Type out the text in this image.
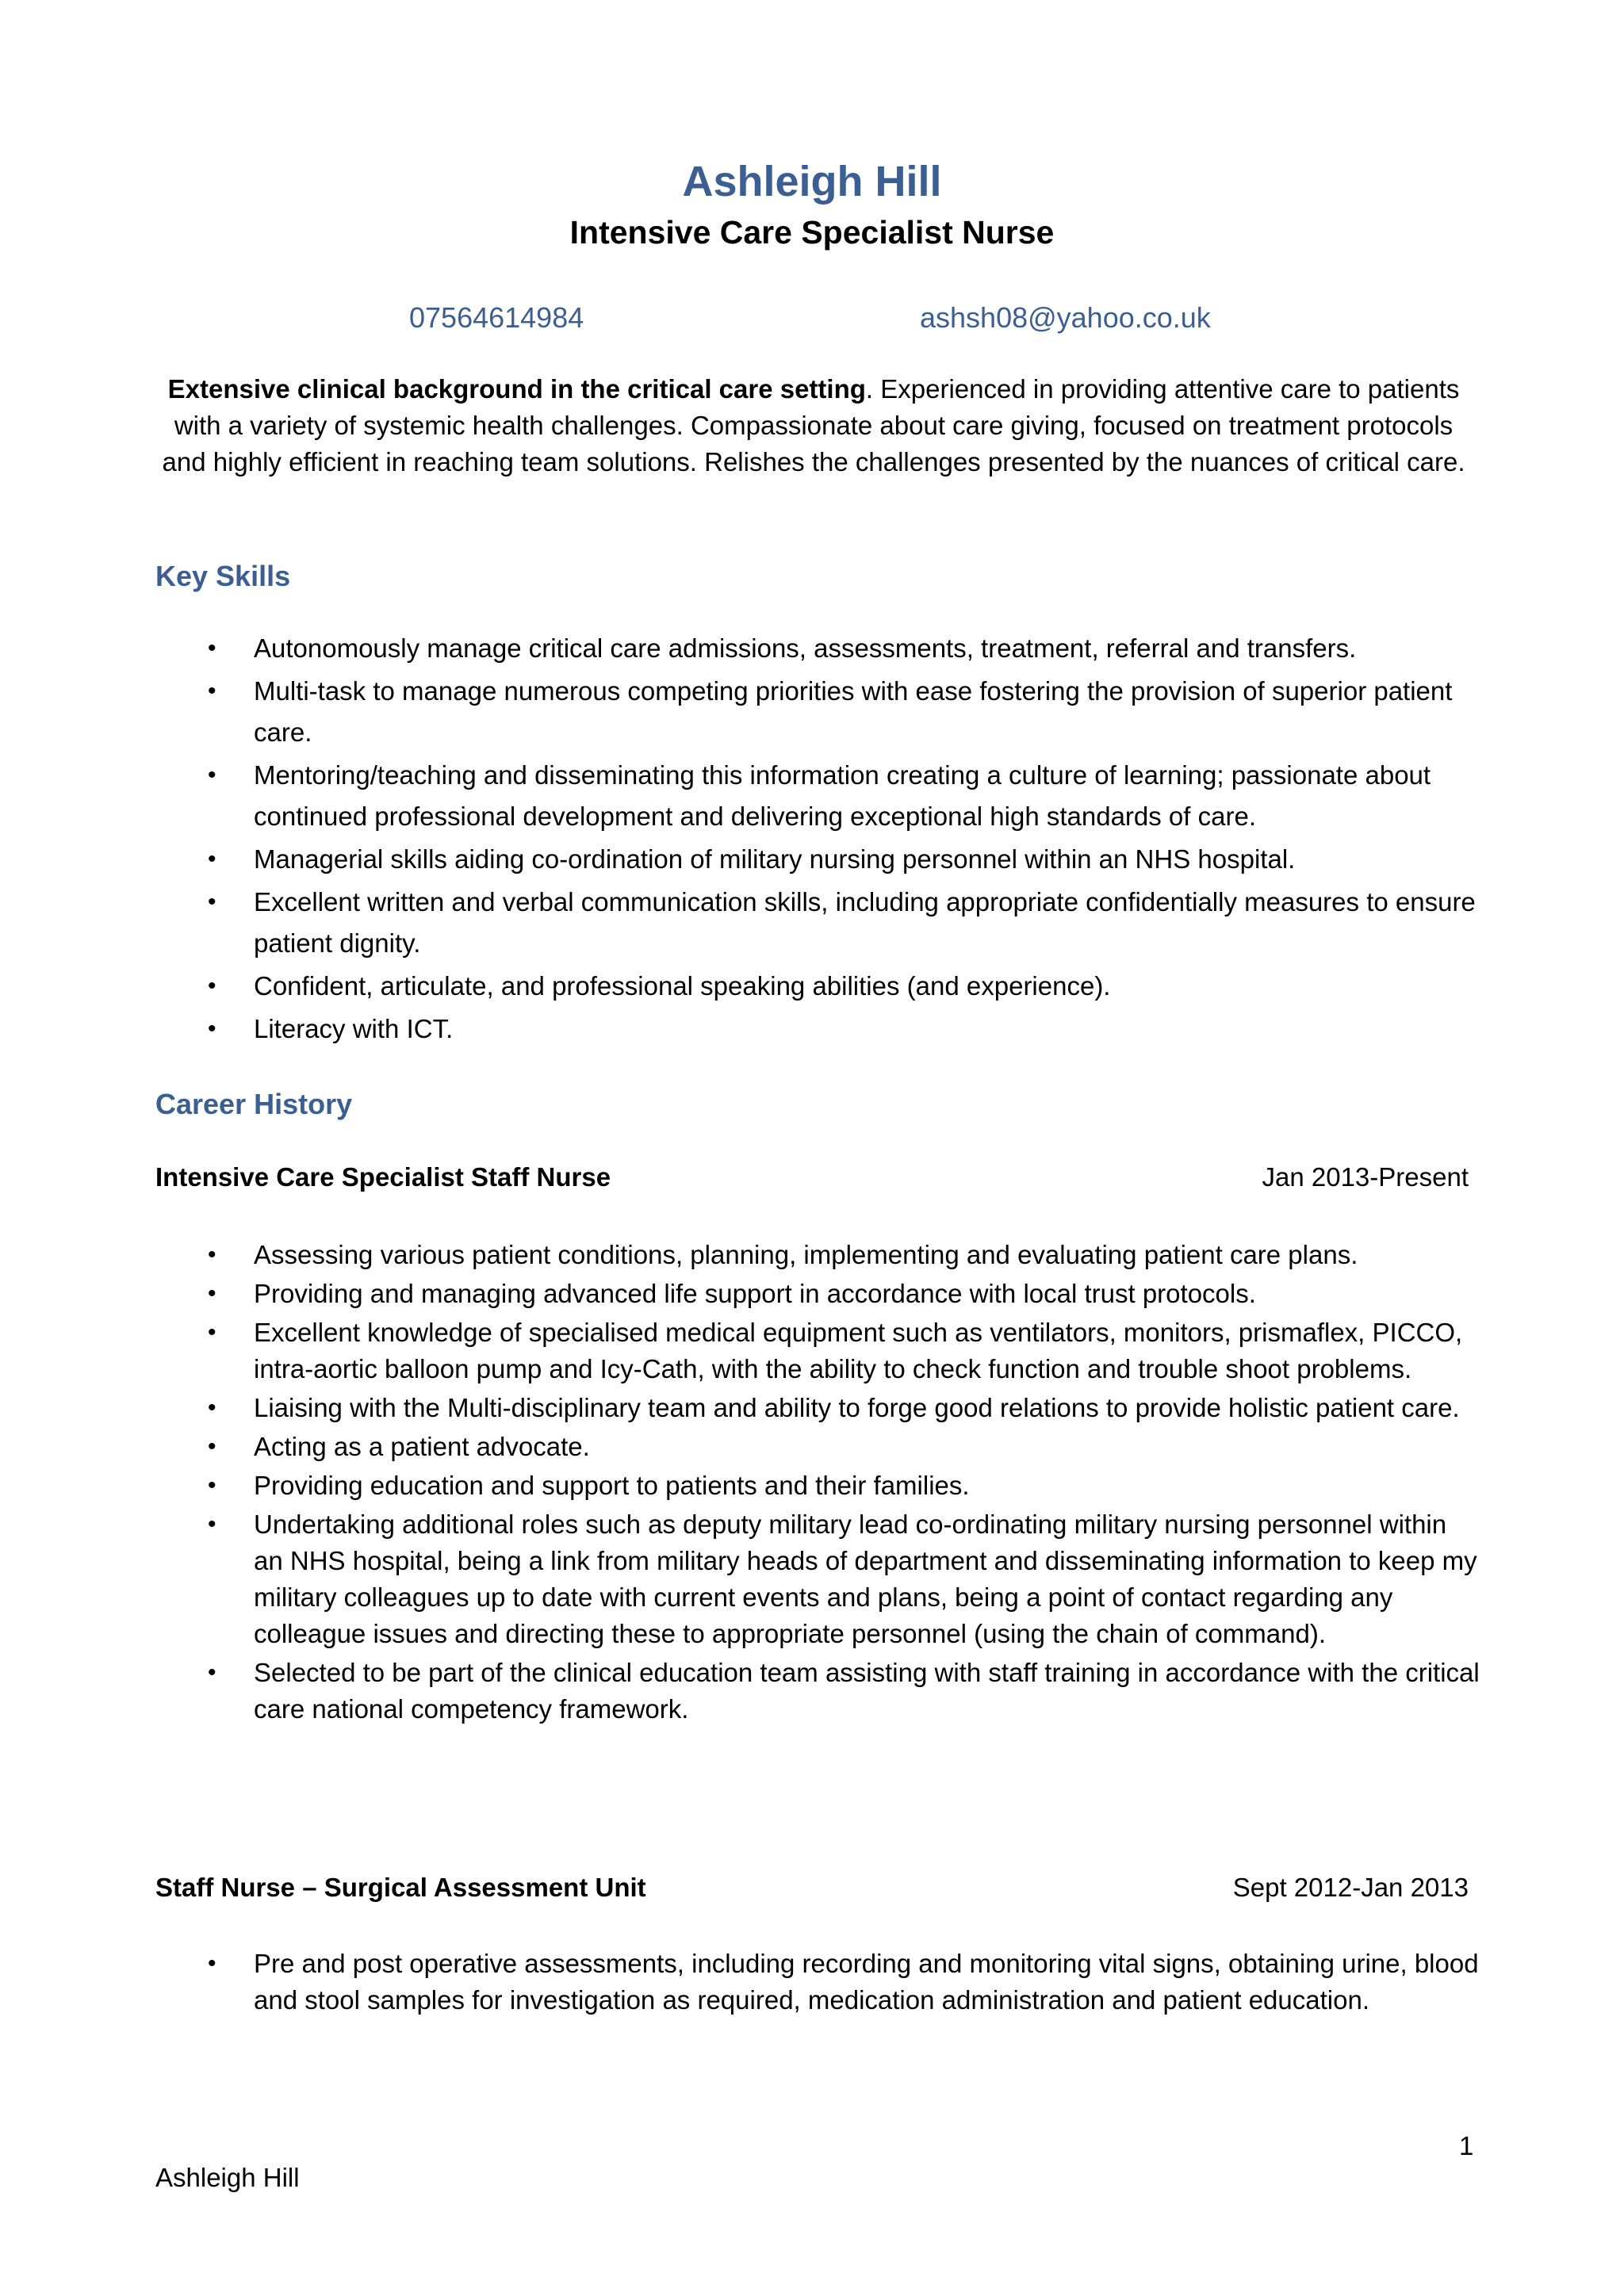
Ashleigh Hill
Intensive Care Specialist Nurse
07564614984	ashsh08@yahoo.co.uk
Extensive clinical background in the critical care setting. Experienced in providing attentive care to patients with a variety of systemic health challenges. Compassionate about care giving, focused on treatment protocols and highly efficient in reaching team solutions. Relishes the challenges presented by the nuances of critical care.
Key Skills
• Autonomously manage critical care admissions, assessments, treatment, referral and transfers.
• Multi-task to manage numerous competing priorities with ease fostering the provision of superior patient care.
• Mentoring/teaching and disseminating this information creating a culture of learning; passionate about continued professional development and delivering exceptional high standards of care.
• Managerial skills aiding co-ordination of military nursing personnel within an NHS hospital.
• Excellent written and verbal communication skills, including appropriate confidentially measures to ensure patient dignity.
• Confident, articulate, and professional speaking abilities (and experience).
• Literacy with ICT.
Career History
Intensive Care Specialist Staff Nurse	Jan 2013-Present
• Assessing various patient conditions, planning, implementing and evaluating patient care plans.
• Providing and managing advanced life support in accordance with local trust protocols.
• Excellent knowledge of specialised medical equipment such as ventilators, monitors, prismaflex, PICCO, intra-aortic balloon pump and Icy-Cath, with the ability to check function and trouble shoot problems.
• Liaising with the Multi-disciplinary team and ability to forge good relations to provide holistic patient care.
• Acting as a patient advocate.
• Providing education and support to patients and their families.
• Undertaking additional roles such as deputy military lead co-ordinating military nursing personnel within an NHS hospital, being a link from military heads of department and disseminating information to keep my military colleagues up to date with current events and plans, being a point of contact regarding any colleague issues and directing these to appropriate personnel (using the chain of command).
• Selected to be part of the clinical education team assisting with staff training in accordance with the critical care national competency framework.
Staff Nurse – Surgical Assessment Unit	Sept 2012-Jan 2013
• Pre and post operative assessments, including recording and monitoring vital signs, obtaining urine, blood and stool samples for investigation as required, medication administration and patient education.
1
Ashleigh Hill
